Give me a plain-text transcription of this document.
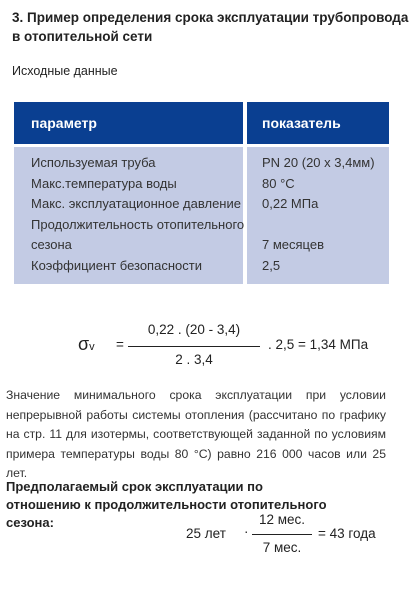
3. Пример определения срока эксплуатации трубопровода в отопительной сети
Исходные данные
параметр	показатель
Используемая труба
Макс.температура воды
Макс. эксплуатационное давление
Продолжительность отопительного
сезона
Коэффициент безопасности
PN 20 (20 x 3,4мм)
80 °C
0,22 МПа
7 месяцев
2,5
σv =
0,22 . (20 - 3,4)
2 . 3,4
. 2,5 = 1,34 МПа
Значение минимального срока эксплуатации при условии непрерывной работы системы отопления (рассчитано по графику на стр. 11 для изотермы, соответствующей заданной по условиям примера температуры воды 80 °C) равно 216 000 часов или 25 лет.
Предполагаемый срок эксплуатации по отношению к продолжительности отопительного сезона:
25 лет ·
12 мес.
7 мес.
= 43 года
